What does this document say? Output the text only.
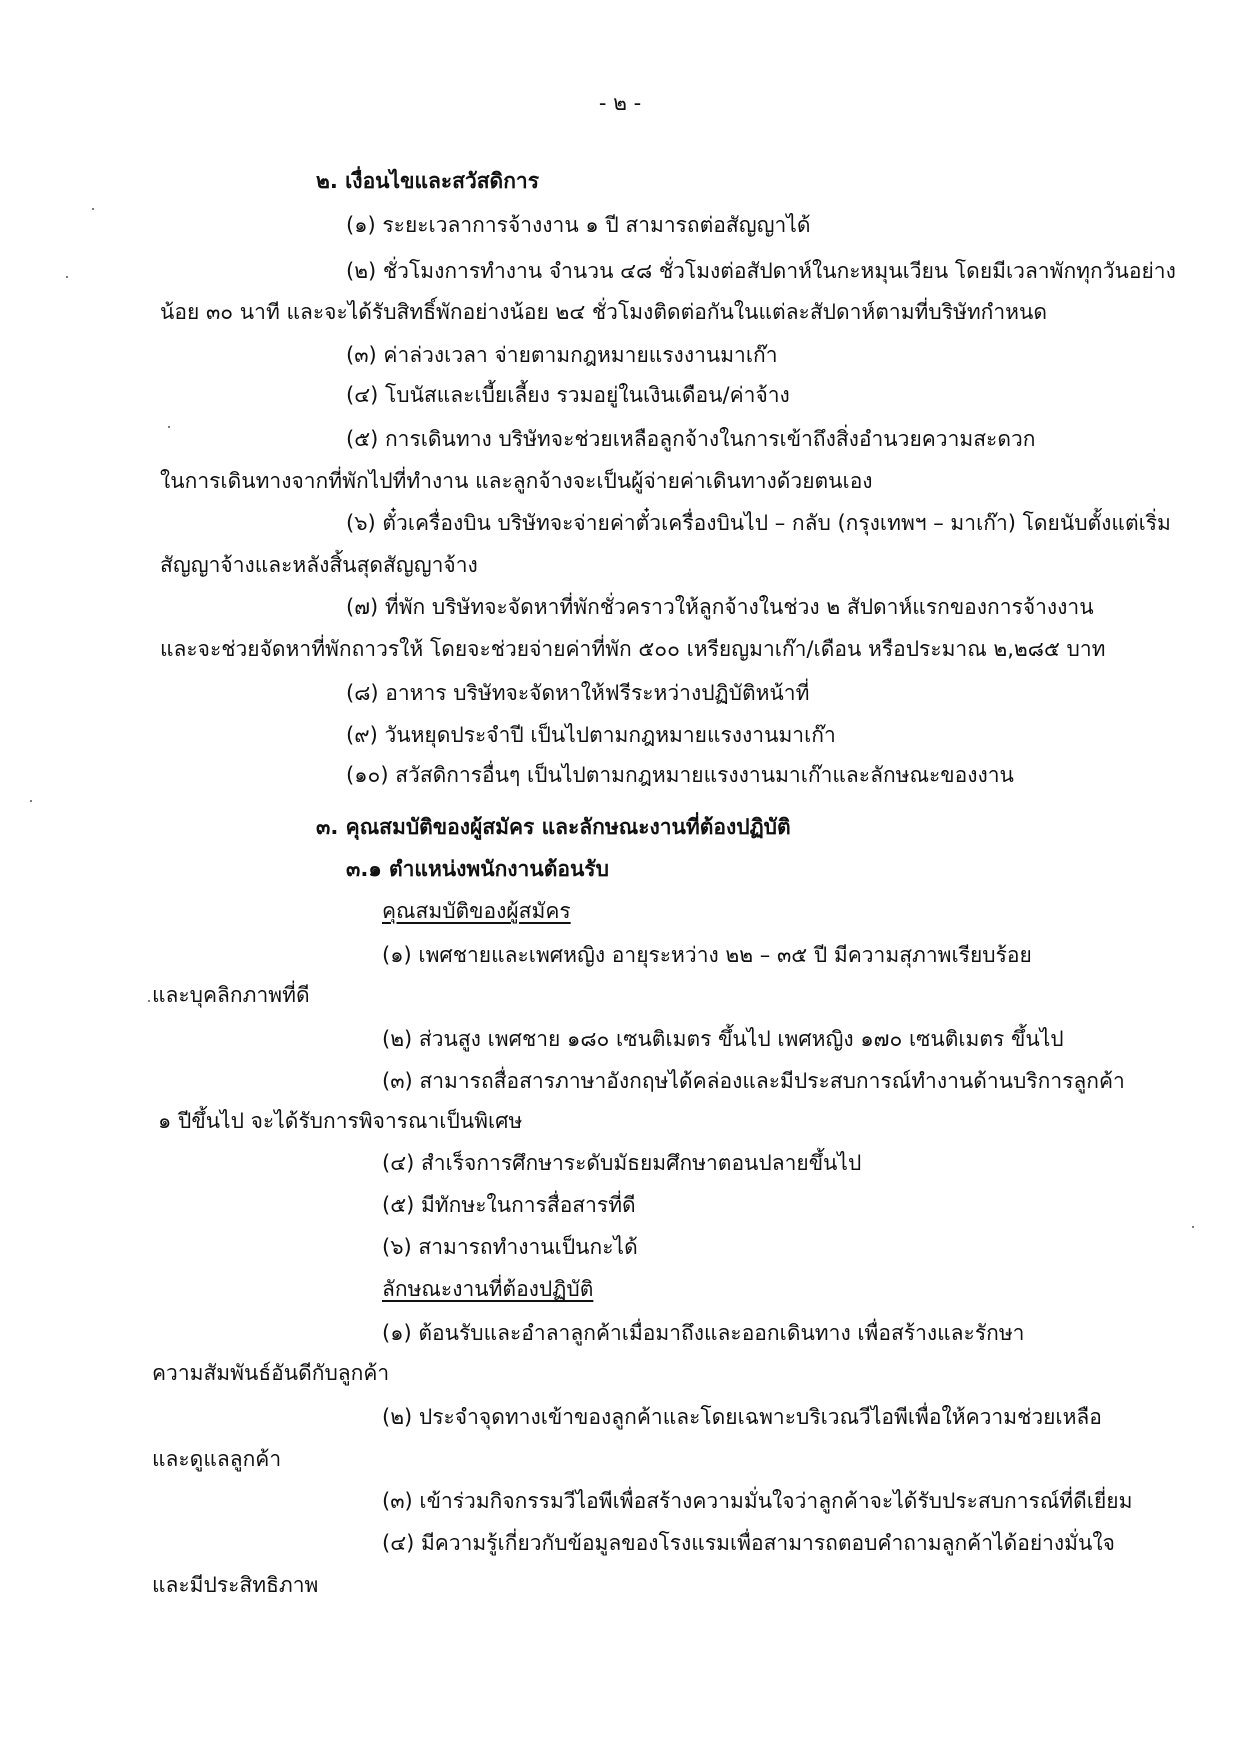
- ๒ -

๒. เงื่อนไขและสวัสดิการ

(๑) ระยะเวลาการจ้างงาน ๑ ปี สามารถต่อสัญญาได้

(๒) ชั่วโมงการทำงาน จำนวน ๔๘ ชั่วโมงต่อสัปดาห์ในกะหมุนเวียน โดยมีเวลาพักทุกวันอย่าง

น้อย ๓๐ นาที และจะได้รับสิทธิ์พักอย่างน้อย ๒๔ ชั่วโมงติดต่อกันในแต่ละสัปดาห์ตามที่บริษัทกำหนด

(๓) ค่าล่วงเวลา จ่ายตามกฎหมายแรงงานมาเก๊า

(๔) โบนัสและเบี้ยเลี้ยง รวมอยู่ในเงินเดือน/ค่าจ้าง

(๕) การเดินทาง บริษัทจะช่วยเหลือลูกจ้างในการเข้าถึงสิ่งอำนวยความสะดวก

ในการเดินทางจากที่พักไปที่ทำงาน และลูกจ้างจะเป็นผู้จ่ายค่าเดินทางด้วยตนเอง

(๖) ตั๋วเครื่องบิน บริษัทจะจ่ายค่าตั๋วเครื่องบินไป – กลับ (กรุงเทพฯ – มาเก๊า) โดยนับตั้งแต่เริ่ม

สัญญาจ้างและหลังสิ้นสุดสัญญาจ้าง

(๗) ที่พัก บริษัทจะจัดหาที่พักชั่วคราวให้ลูกจ้างในช่วง ๒ สัปดาห์แรกของการจ้างงาน

และจะช่วยจัดหาที่พักถาวรให้ โดยจะช่วยจ่ายค่าที่พัก ๕๐๐ เหรียญมาเก๊า/เดือน หรือประมาณ ๒,๒๘๕ บาท

(๘) อาหาร บริษัทจะจัดหาให้ฟรีระหว่างปฏิบัติหน้าที่

(๙) วันหยุดประจำปี เป็นไปตามกฎหมายแรงงานมาเก๊า

(๑๐) สวัสดิการอื่นๆ เป็นไปตามกฎหมายแรงงานมาเก๊าและลักษณะของงาน

๓. คุณสมบัติของผู้สมัคร และลักษณะงานที่ต้องปฏิบัติ

๓.๑ ตำแหน่งพนักงานต้อนรับ

คุณสมบัติของผู้สมัคร

(๑) เพศชายและเพศหญิง อายุระหว่าง ๒๒ – ๓๕ ปี มีความสุภาพเรียบร้อย

และบุคลิกภาพที่ดี

(๒) ส่วนสูง เพศชาย ๑๘๐ เซนติเมตร ขึ้นไป เพศหญิง ๑๗๐ เซนติเมตร ขึ้นไป

(๓) สามารถสื่อสารภาษาอังกฤษได้คล่องและมีประสบการณ์ทำงานด้านบริการลูกค้า

๑ ปีขึ้นไป จะได้รับการพิจารณาเป็นพิเศษ

(๔) สำเร็จการศึกษาระดับมัธยมศึกษาตอนปลายขึ้นไป

(๕) มีทักษะในการสื่อสารที่ดี

(๖) สามารถทำงานเป็นกะได้

ลักษณะงานที่ต้องปฏิบัติ

(๑) ต้อนรับและอำลาลูกค้าเมื่อมาถึงและออกเดินทาง เพื่อสร้างและรักษา

ความสัมพันธ์อันดีกับลูกค้า

(๒) ประจำจุดทางเข้าของลูกค้าและโดยเฉพาะบริเวณวีไอพีเพื่อให้ความช่วยเหลือ

และดูแลลูกค้า

(๓) เข้าร่วมกิจกรรมวีไอพีเพื่อสร้างความมั่นใจว่าลูกค้าจะได้รับประสบการณ์ที่ดีเยี่ยม

(๔) มีความรู้เกี่ยวกับข้อมูลของโรงแรมเพื่อสามารถตอบคำถามลูกค้าได้อย่างมั่นใจ

และมีประสิทธิภาพ
